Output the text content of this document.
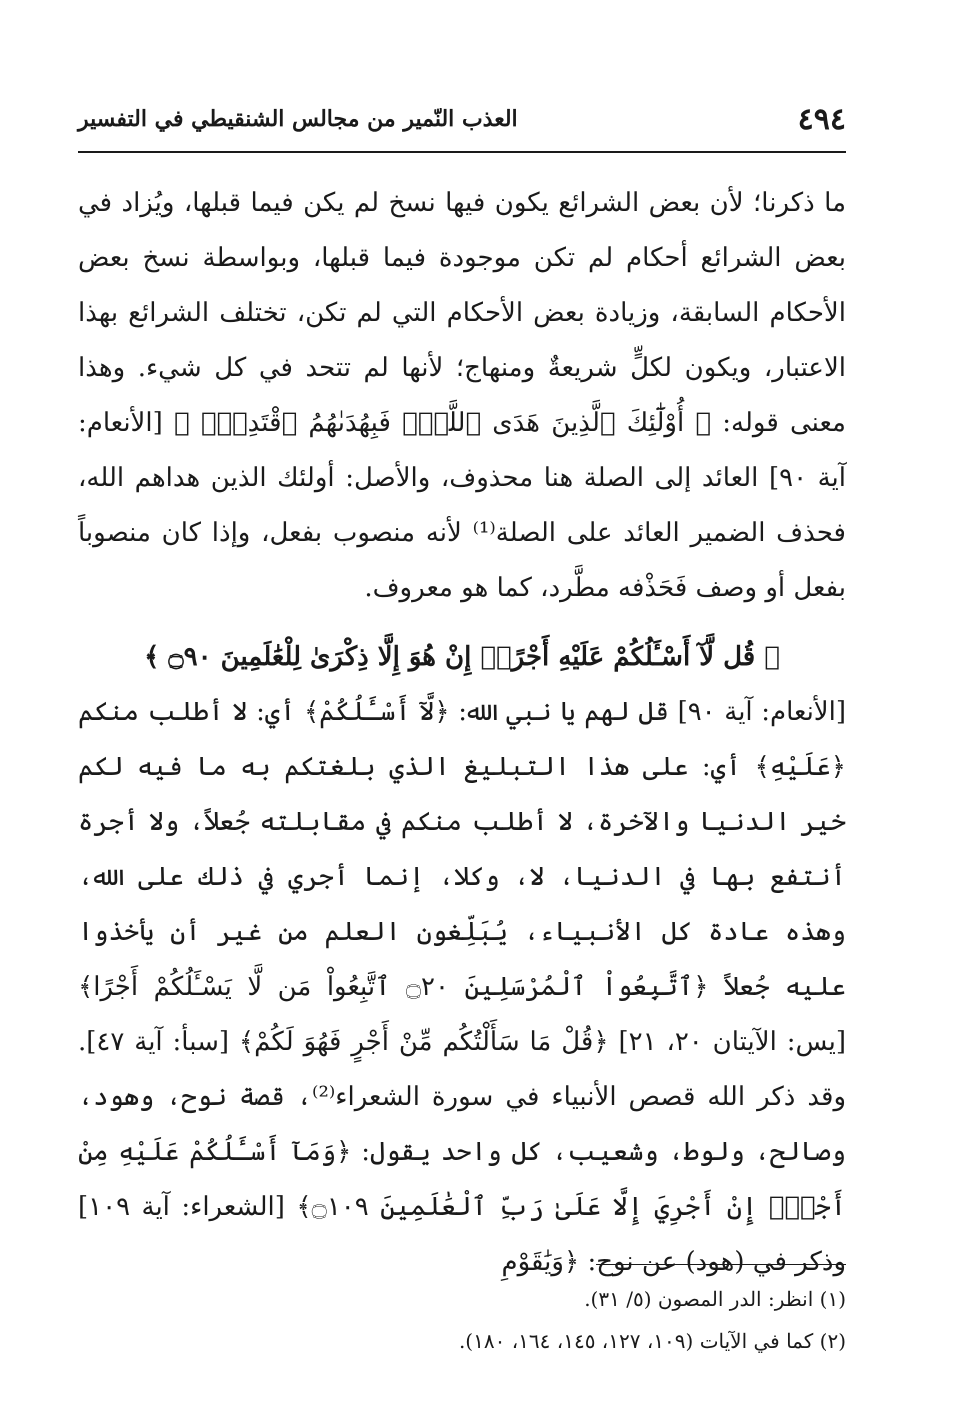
٤٩٤
العذب النّمير من مجالس الشنقيطي في التفسير

ما ذكرنا؛ لأن بعض الشرائع يكون فيها نسخ لم يكن فيما قبلها، ويُزاد في بعض الشرائع أحكام لم تكن موجودة فيما قبلها، وبواسطة نسخ بعض الأحكام السابقة، وزيادة بعض الأحكام التي لم تكن، تختلف الشرائع بهذا الاعتبار، ويكون لكلٍّ شريعةٌ ومنهاج؛ لأنها لم تتحد في كل شيء. وهذا معنى قوله: ﴿ أُوْلَٰٓئِكَ ٱلَّذِينَ هَدَى ٱللَّهُۖ فَبِهُدَىٰهُمُ ٱقْتَدِهْۗ ﴾ [الأنعام: آية ٩٠] العائد إلى الصلة هنا محذوف، والأصل: أولئك الذين هداهم الله، فحذف الضمير العائد على الصلة⁽¹⁾ لأنه منصوب بفعل، وإذا كان منصوباً بفعل أو وصف فَحَذْفه مطَّرد، كما هو معروف.

﴿ قُل لَّآ أَسْـَٔلُكُمْ عَلَيْهِ أَجْرًاۖ إِنْ هُوَ إِلَّا ذِكْرَىٰ لِلْعَٰلَمِينَ ۝٩٠ ﴾

[الأنعام: آية ٩٠] قل لهم يا نبي الله: ﴿لَّآ أَسْـَٔلُكُمْ﴾ أي: لا أطلب منكم ﴿عَلَيْهِ﴾ أي: على هذا التبليغ الذي بلغتكم به ما فيه لكم خير الدنيا والآخرة، لا أطلب منكم في مقابلته جُعلاً، ولا أجرة أنتفع بها في الدنيا، لا، وكلا، إنما أجري في ذلك على الله، وهذه عادة كل الأنبياء، يُبَلِّغون العلم من غير أن يأخذوا عليه جُعلاً ﴿ٱتَّبِعُواْ ٱلْمُرْسَلِينَ ۝٢٠ ٱتَّبِعُواْ مَن لَّا يَسْـَٔلُكُمْ أَجْرًا﴾ [يس: الآيتان ٢٠، ٢١] ﴿قُلْ مَا سَأَلْتُكُم مِّنْ أَجْرٍ فَهُوَ لَكُمْ﴾ [سبأ: آية ٤٧]. وقد ذكر الله قصص الأنبياء في سورة الشعراء⁽²⁾، قصة نوح، وهود، وصالح، ولوط، وشعيب، كل واحد يقول: ﴿وَمَآ أَسْـَٔلُكُمْ عَلَيْهِ مِنْ أَجْرٍۖ إِنْ أَجْرِيَ إِلَّا عَلَىٰ رَبِّ ٱلْعَٰلَمِينَ ۝١٠٩﴾ [الشعراء: آية ١٠٩] وذكر في (هود) عن نوح: ﴿وَيَٰقَوْمِ

(١) انظر: الدر المصون (٥/ ٣١).

(٢) كما في الآيات (١٠٩، ١٢٧، ١٤٥، ١٦٤، ١٨٠).
